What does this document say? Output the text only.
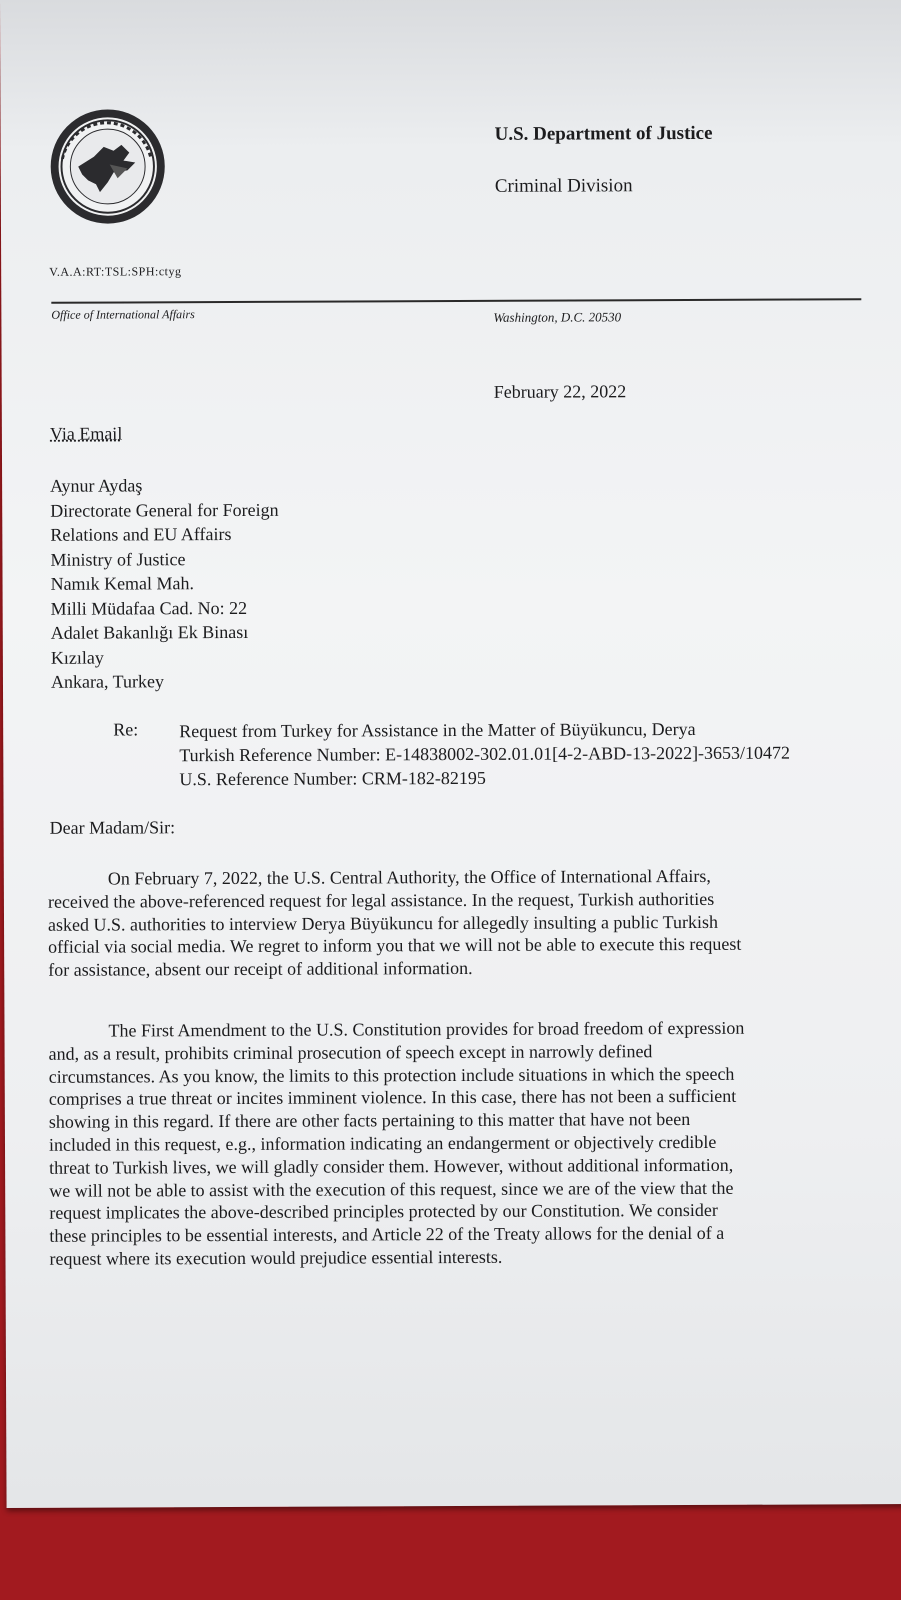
U.S. Department of Justice
Criminal Division
V.A.A:RT:TSL:SPH:ctyg
Office of International Affairs	Washington, D.C. 20530
February 22, 2022
Via Email
Aynur Aydaş
Directorate General for Foreign
Relations and EU Affairs
Ministry of Justice
Namık Kemal Mah.
Milli Müdafaa Cad. No: 22
Adalet Bakanlığı Ek Binası
Kızılay
Ankara, Turkey
Re: Request from Turkey for Assistance in the Matter of Büyükuncu, Derya
Turkish Reference Number: E-14838002-302.01.01[4-2-ABD-13-2022]-3653/10472
U.S. Reference Number: CRM-182-82195
Dear Madam/Sir:
On February 7, 2022, the U.S. Central Authority, the Office of International Affairs,
received the above-referenced request for legal assistance. In the request, Turkish authorities
asked U.S. authorities to interview Derya Büyükuncu for allegedly insulting a public Turkish
official via social media. We regret to inform you that we will not be able to execute this request
for assistance, absent our receipt of additional information.
The First Amendment to the U.S. Constitution provides for broad freedom of expression
and, as a result, prohibits criminal prosecution of speech except in narrowly defined
circumstances. As you know, the limits to this protection include situations in which the speech
comprises a true threat or incites imminent violence. In this case, there has not been a sufficient
showing in this regard. If there are other facts pertaining to this matter that have not been
included in this request, e.g., information indicating an endangerment or objectively credible
threat to Turkish lives, we will gladly consider them. However, without additional information,
we will not be able to assist with the execution of this request, since we are of the view that the
request implicates the above-described principles protected by our Constitution. We consider
these principles to be essential interests, and Article 22 of the Treaty allows for the denial of a
request where its execution would prejudice essential interests.
